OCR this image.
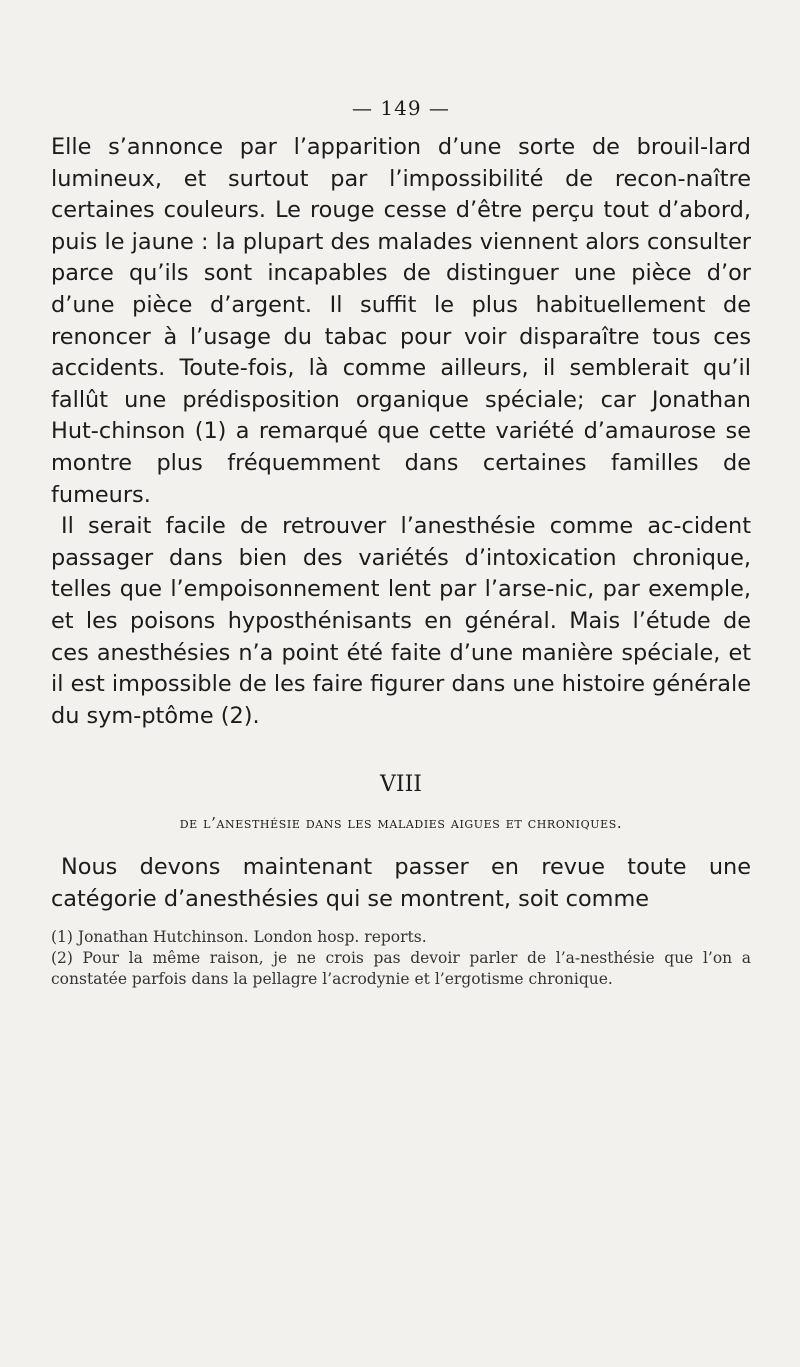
— 149 —

Elle s’annonce par l’apparition d’une sorte de brouil-lard lumineux, et surtout par l’impossibilité de recon-naître certaines couleurs. Le rouge cesse d’être perçu tout d’abord, puis le jaune : la plupart des malades viennent alors consulter parce qu’ils sont incapables de distinguer une pièce d’or d’une pièce d’argent. Il suffit le plus habituellement de renoncer à l’usage du tabac pour voir disparaître tous ces accidents. Toute-fois, là comme ailleurs, il semblerait qu’il fallût une prédisposition organique spéciale; car Jonathan Hut-chinson (1) a remarqué que cette variété d’amaurose se montre plus fréquemment dans certaines familles de fumeurs.

Il serait facile de retrouver l’anesthésie comme ac-cident passager dans bien des variétés d’intoxication chronique, telles que l’empoisonnement lent par l’arse-nic, par exemple, et les poisons hyposthénisants en général. Mais l’étude de ces anesthésies n’a point été faite d’une manière spéciale, et il est impossible de les faire figurer dans une histoire générale du sym-ptôme (2).

VIII
de l’anesthésie dans les maladies aigues et chroniques.

Nous devons maintenant passer en revue toute une catégorie d’anesthésies qui se montrent, soit comme

(1) Jonathan Hutchinson. London hosp. reports.

(2) Pour la même raison, je ne crois pas devoir parler de l’a-nesthésie que l’on a constatée parfois dans la pellagre l’acrodynie et l’ergotisme chronique.
